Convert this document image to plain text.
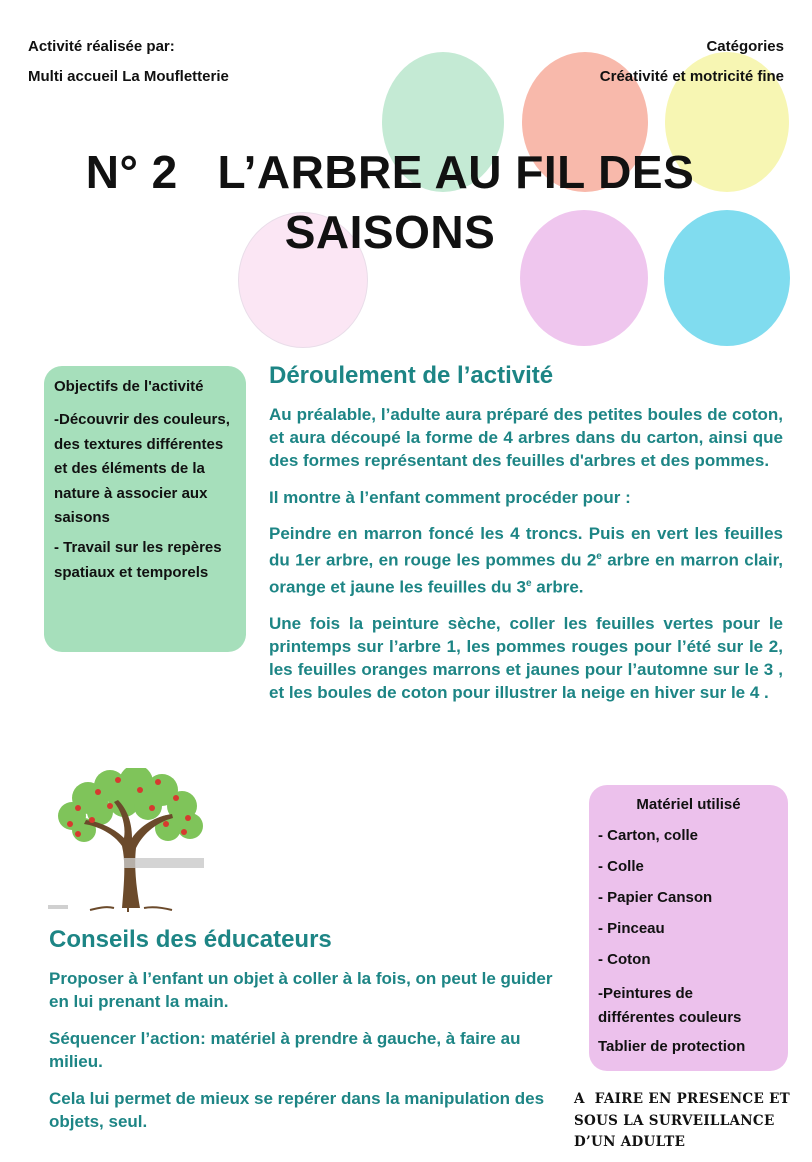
Activité réalisée par:
Multi accueil La Moufletterie
Catégories
Créativité et motricité fine
N° 2   L’ARBRE AU FIL DES
SAISONS
Objectifs de l'activité
-Découvrir des couleurs, des textures différentes et des éléments de la nature à associer aux saisons
- Travail sur les repères spatiaux et temporels
Déroulement de l’activité

Au préalable, l’adulte aura préparé des petites boules de coton, et aura découpé la forme de 4 arbres dans du carton, ainsi que des formes représentant des feuilles d'arbres et des pommes.

Il montre à l’enfant comment procéder pour :

Peindre en marron foncé les 4 troncs. Puis en vert les feuilles du 1er arbre, en rouge les pommes du 2e arbre en marron clair, orange et jaune les feuilles du 3e arbre.

Une fois la peinture sèche, coller les feuilles vertes pour le printemps sur l’arbre 1, les pommes rouges pour l’été sur le 2, les feuilles oranges marrons et jaunes pour l’automne sur le 3 , et les boules de coton pour illustrer la neige en hiver sur le 4 .

Conseils des éducateurs

Proposer à l’enfant un objet à coller à la fois, on peut le guider en lui prenant la main.

Séquencer l’action: matériel à prendre à gauche, à faire au milieu.

Cela lui permet de mieux se repérer dans la manipulation des objets, seul.

Matériel utilisé
- Carton, colle
- Colle
- Papier Canson
- Pinceau
- Coton
-Peintures de différentes couleurs
Tablier de protection
A  FAIRE EN PRESENCE ET
SOUS LA SURVEILLANCE
D’UN ADULTE
